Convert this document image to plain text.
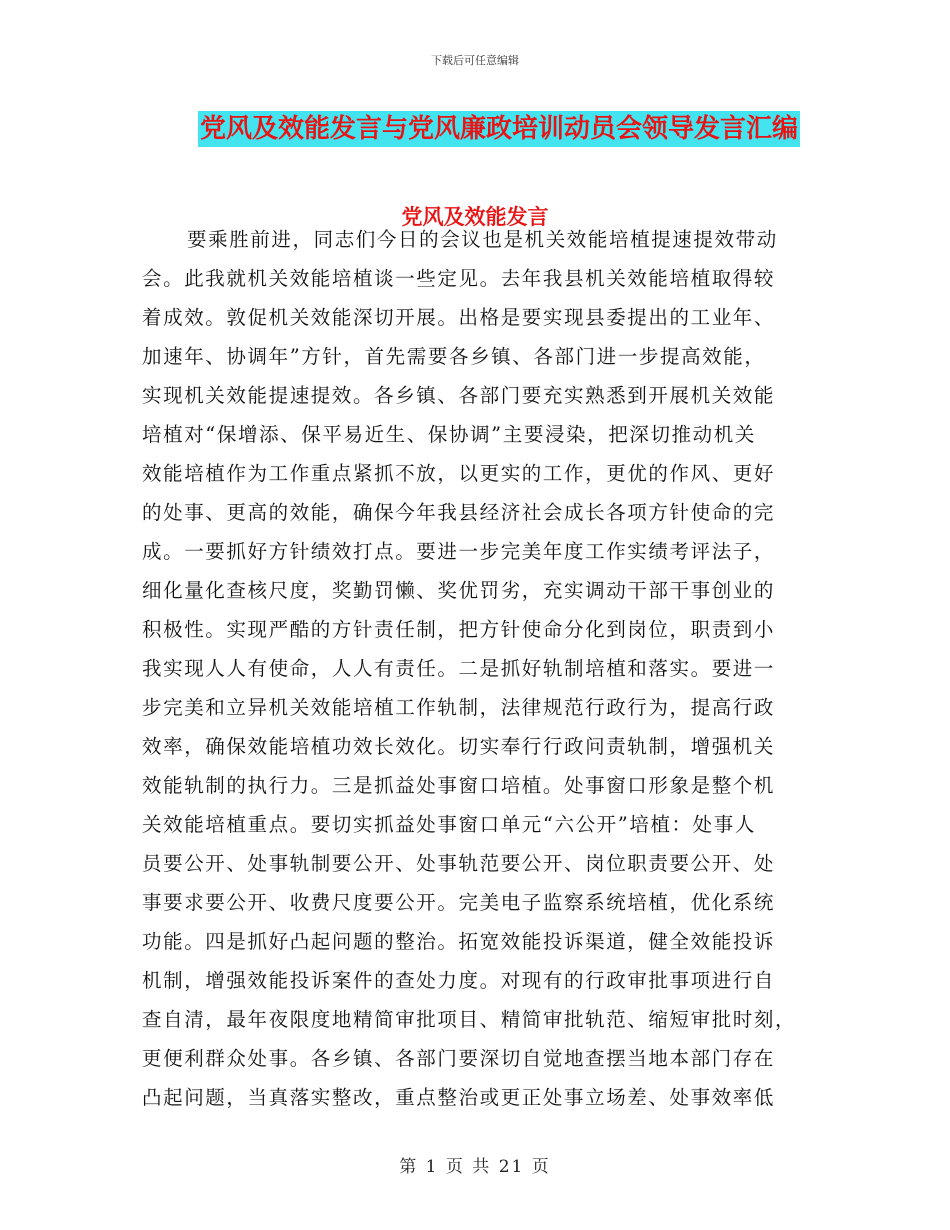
下载后可任意编辑
党风及效能发言与党风廉政培训动员会领导发言汇编
党风及效能发言
要乘胜前进，同志们今日的会议也是机关效能培植提速提效带动
会。此我就机关效能培植谈一些定见。去年我县机关效能培植取得较
着成效。敦促机关效能深切开展。出格是要实现县委提出的工业年、
加速年、协调年”方针，首先需要各乡镇、各部门进一步提高效能，
实现机关效能提速提效。各乡镇、各部门要充实熟悉到开展机关效能
培植对“保增添、保平易近生、保协调”主要浸染，把深切推动机关
效能培植作为工作重点紧抓不放，以更实的工作，更优的作风、更好
的处事、更高的效能，确保今年我县经济社会成长各项方针使命的完
成。一要抓好方针绩效打点。要进一步完美年度工作实绩考评法子，
细化量化查核尺度，奖勤罚懒、奖优罚劣，充实调动干部干事创业的
积极性。实现严酷的方针责任制，把方针使命分化到岗位，职责到小
我实现人人有使命，人人有责任。二是抓好轨制培植和落实。要进一
步完美和立异机关效能培植工作轨制，法律规范行政行为，提高行政
效率，确保效能培植功效长效化。切实奉行行政问责轨制，增强机关
效能轨制的执行力。三是抓益处事窗口培植。处事窗口形象是整个机
关效能培植重点。要切实抓益处事窗口单元“六公开”培植：处事人
员要公开、处事轨制要公开、处事轨范要公开、岗位职责要公开、处
事要求要公开、收费尺度要公开。完美电子监察系统培植，优化系统
功能。四是抓好凸起问题的整治。拓宽效能投诉渠道，健全效能投诉
机制，增强效能投诉案件的查处力度。对现有的行政审批事项进行自
查自清，最年夜限度地精简审批项目、精简审批轨范、缩短审批时刻，
更便利群众处事。各乡镇、各部门要深切自觉地查摆当地本部门存在
凸起问题，当真落实整改，重点整治或更正处事立场差、处事效率低
第 1 页 共 21 页
